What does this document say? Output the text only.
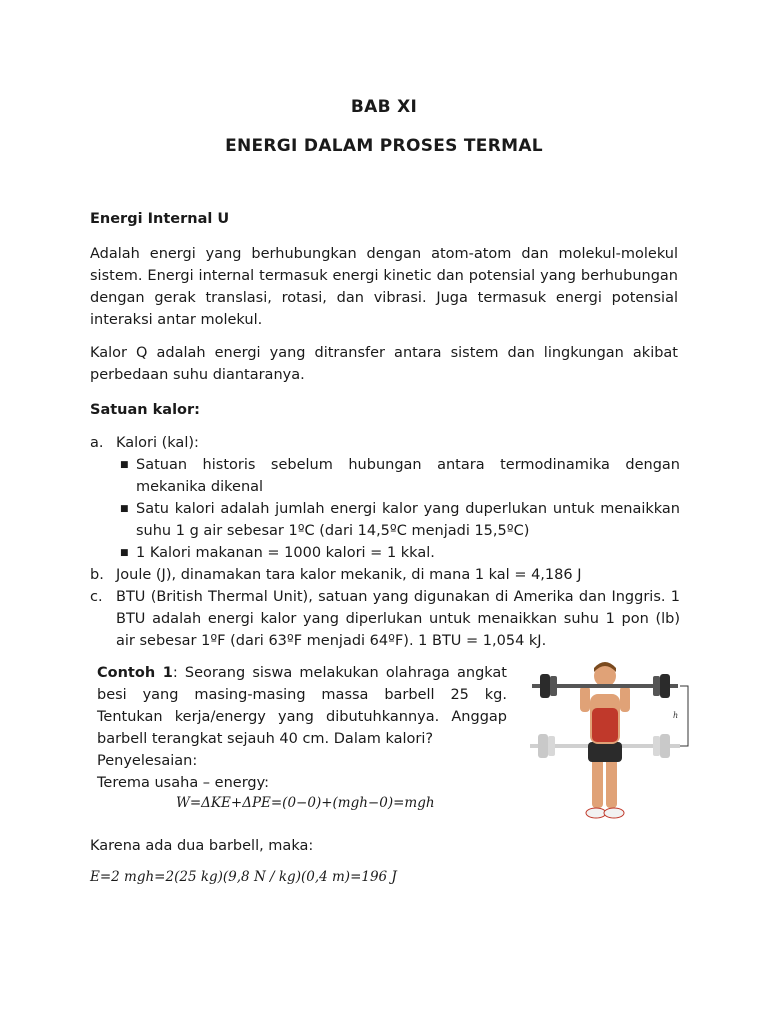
BAB XI
ENERGI DALAM PROSES TERMAL
Energi Internal U
Adalah energi yang berhubungkan dengan atom-atom dan molekul-molekul sistem. Energi internal termasuk energi kinetic dan potensial yang berhubungan dengan gerak translasi, rotasi, dan vibrasi. Juga termasuk energi potensial interaksi antar molekul.
Kalor Q adalah energi yang ditransfer antara sistem dan lingkungan akibat perbedaan suhu diantaranya.
Satuan kalor:
a. Kalori (kal):
■ Satuan historis sebelum hubungan antara termodinamika dengan mekanika dikenal
■ Satu kalori adalah jumlah energi kalor yang duperlukan untuk menaikkan suhu 1 g air sebesar 1ºC (dari 14,5ºC menjadi 15,5ºC)
■ 1 Kalori makanan = 1000 kalori = 1 kkal.
b. Joule (J), dinamakan tara kalor mekanik, di mana 1 kal = 4,186 J
c. BTU (British Thermal Unit), satuan yang digunakan di Amerika dan Inggris. 1 BTU adalah energi kalor yang diperlukan untuk menaikkan suhu 1 pon (lb) air sebesar 1ºF (dari 63ºF menjadi 64ºF). 1 BTU = 1,054 kJ.
Contoh 1: Seorang siswa melakukan olahraga angkat besi yang masing-masing massa barbell 25 kg. Tentukan kerja/energy yang dibutuhkannya. Anggap barbell terangkat sejauh 40 cm. Dalam kalori?
Penyelesaian:
Terema usaha – energy:
W=ΔKE+ΔPE=(0−0)+(mgh−0)=mgh
Karena ada dua barbell, maka:
E=2 mgh=2(25 kg)(9,8 N / kg)(0,4 m)=196 J
h
